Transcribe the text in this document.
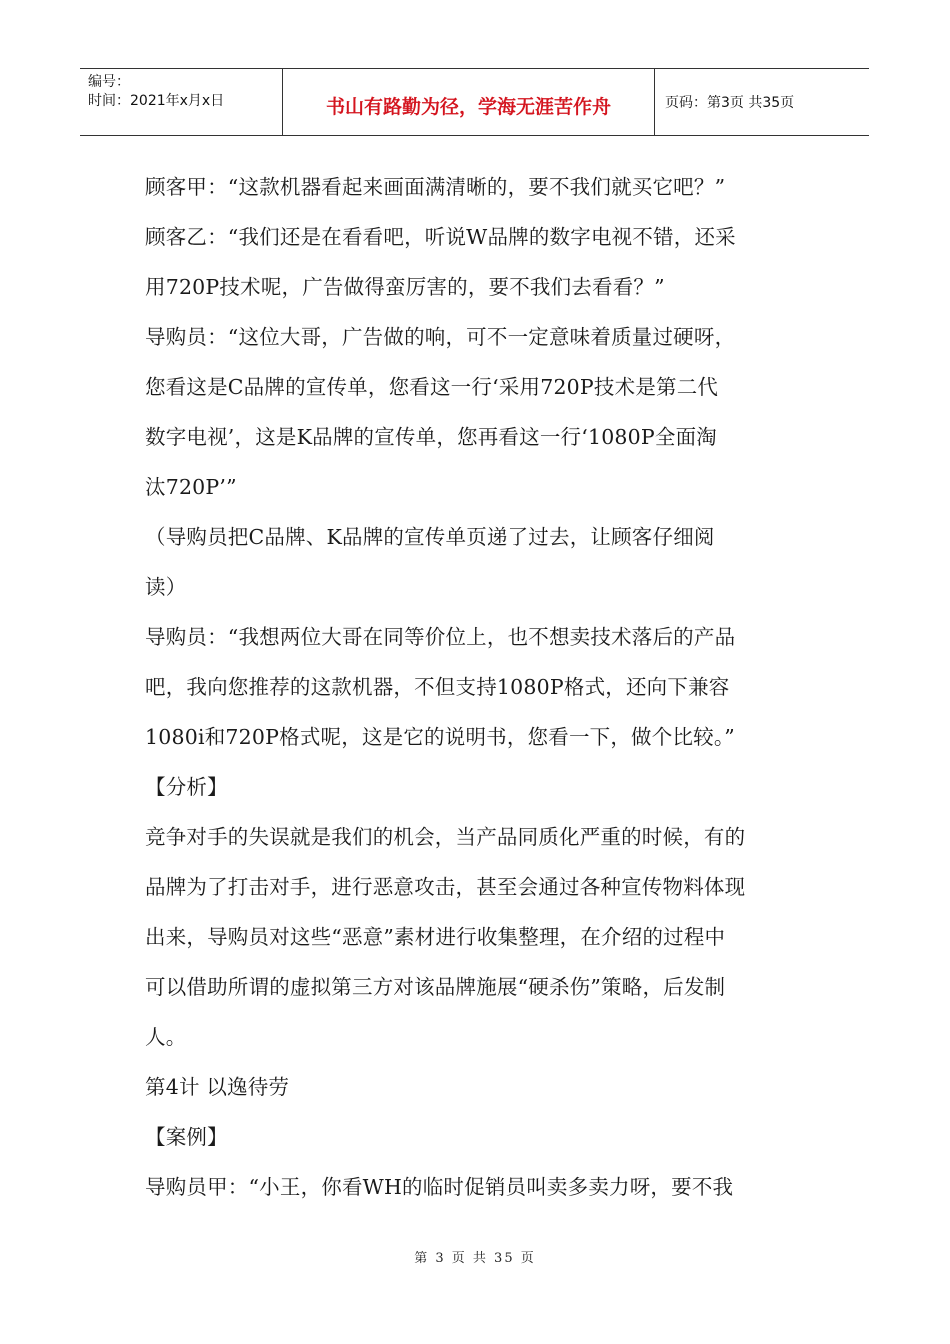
编号：
时间：2021年x月x日	书山有路勤为径，学海无涯苦作舟	页码：第3页 共35页
顾客甲：“这款机器看起来画面满清晰的，要不我们就买它吧？”
顾客乙：“我们还是在看看吧，听说W品牌的数字电视不错，还采
用720P技术呢，广告做得蛮厉害的，要不我们去看看？”
导购员：“这位大哥，广告做的响，可不一定意味着质量过硬呀，
您看这是C品牌的宣传单，您看这一行‘采用720P技术是第二代
数字电视’，这是K品牌的宣传单，您再看这一行‘1080P全面淘
汰720P’”
（导购员把C品牌、K品牌的宣传单页递了过去，让顾客仔细阅
读）
导购员：“我想两位大哥在同等价位上，也不想卖技术落后的产品
吧，我向您推荐的这款机器，不但支持1080P格式，还向下兼容
1080i和720P格式呢，这是它的说明书，您看一下，做个比较。”
【分析】
竞争对手的失误就是我们的机会，当产品同质化严重的时候，有的
品牌为了打击对手，进行恶意攻击，甚至会通过各种宣传物料体现
出来，导购员对这些“恶意”素材进行收集整理，在介绍的过程中
可以借助所谓的虚拟第三方对该品牌施展“硬杀伤”策略，后发制
人。
第4计 以逸待劳
【案例】
导购员甲：“小王，你看WH的临时促销员叫卖多卖力呀，要不我
第 3 页 共 35 页
